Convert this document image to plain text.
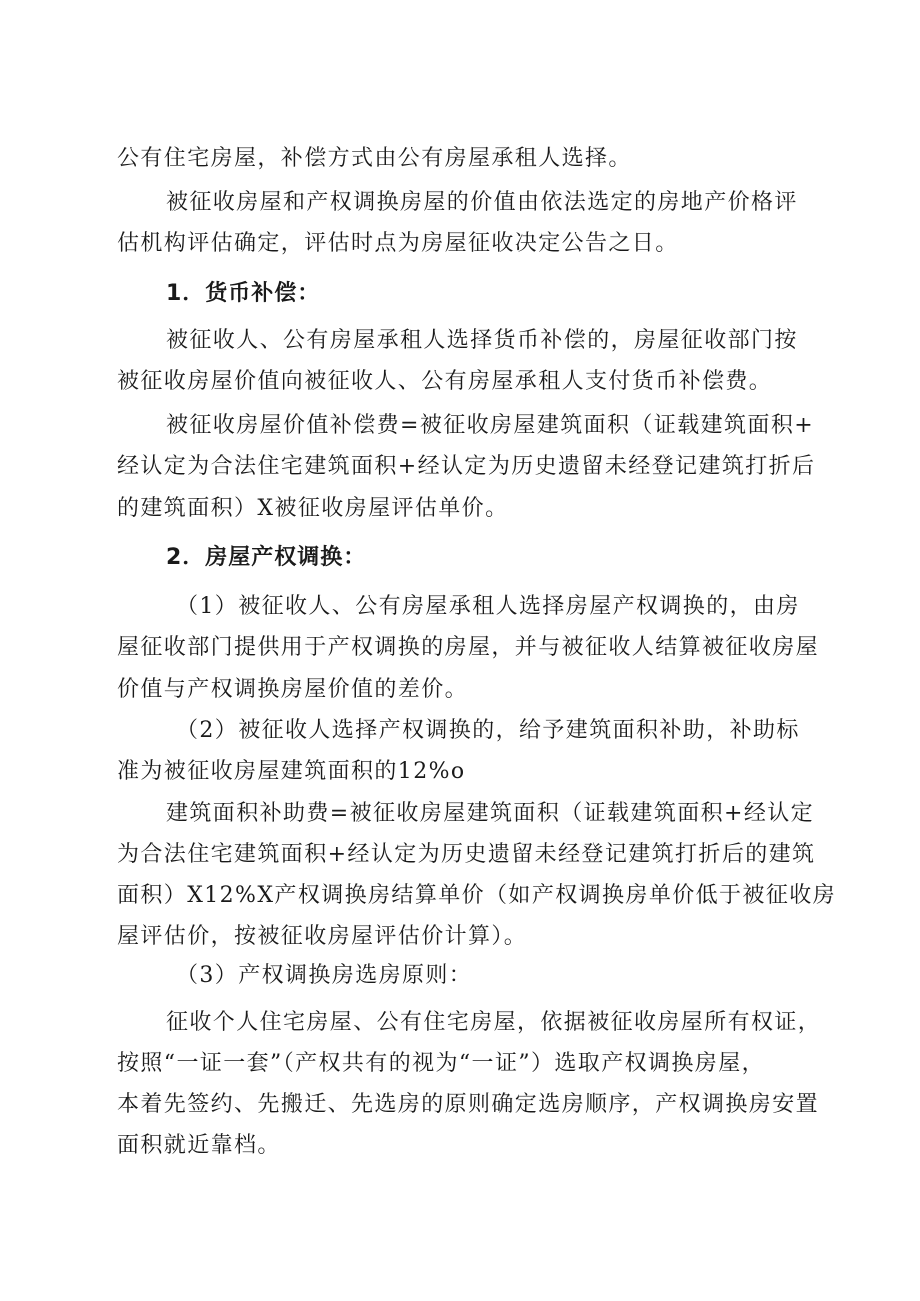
公有住宅房屋，补偿方式由公有房屋承租人选择。
被征收房屋和产权调换房屋的价值由依法选定的房地产价格评
估机构评估确定，评估时点为房屋征收决定公告之日。
1．货币补偿：
被征收人、公有房屋承租人选择货币补偿的，房屋征收部门按
被征收房屋价值向被征收人、公有房屋承租人支付货币补偿费。
被征收房屋价值补偿费=被征收房屋建筑面积（证载建筑面积+
经认定为合法住宅建筑面积+经认定为历史遗留未经登记建筑打折后
的建筑面积）X被征收房屋评估单价。
2．房屋产权调换：
（1）被征收人、公有房屋承租人选择房屋产权调换的，由房
屋征收部门提供用于产权调换的房屋，并与被征收人结算被征收房屋
价值与产权调换房屋价值的差价。
（2）被征收人选择产权调换的，给予建筑面积补助，补助标
准为被征收房屋建筑面积的12%o
建筑面积补助费=被征收房屋建筑面积（证载建筑面积+经认定
为合法住宅建筑面积+经认定为历史遗留未经登记建筑打折后的建筑
面积）X12%X产权调换房结算单价（如产权调换房单价低于被征收房
屋评估价，按被征收房屋评估价计算）。
（3）产权调换房选房原则：
征收个人住宅房屋、公有住宅房屋，依据被征收房屋所有权证，
按照“一证一套”（产权共有的视为“一证”）选取产权调换房屋，
本着先签约、先搬迁、先选房的原则确定选房顺序，产权调换房安置
面积就近靠档。
